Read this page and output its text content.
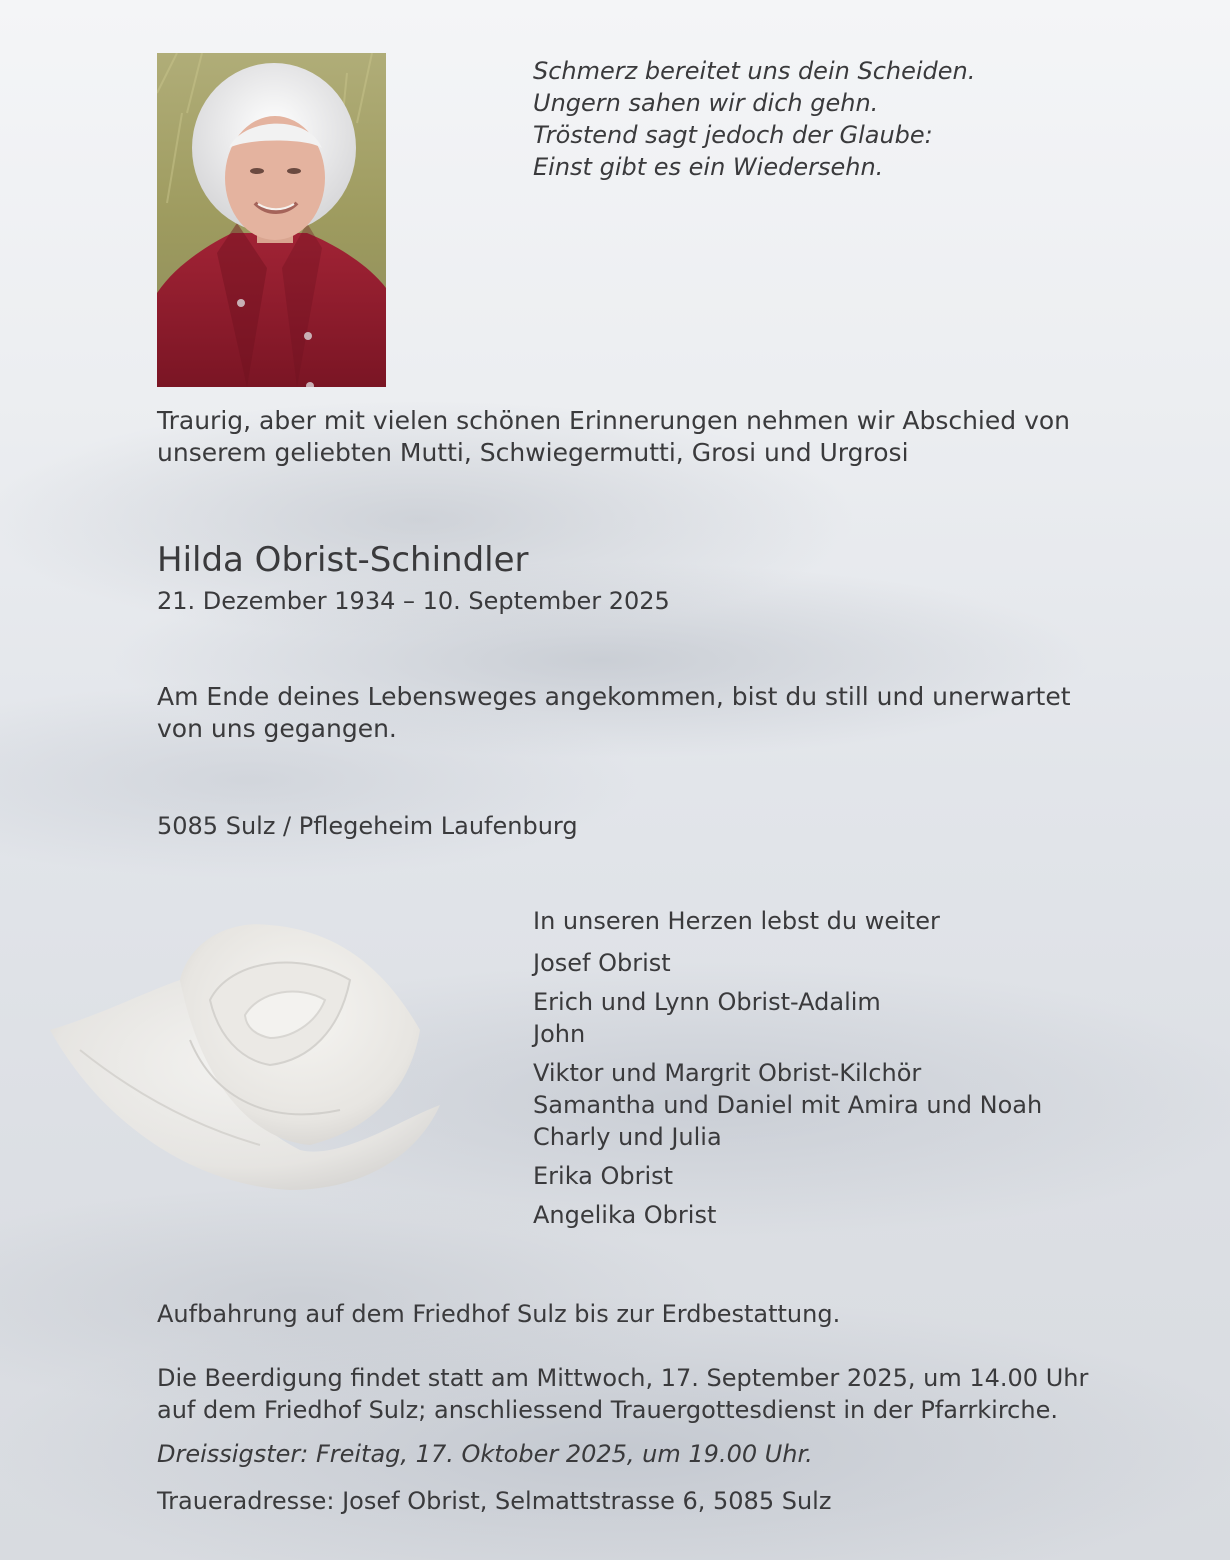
Schmerz bereitet uns dein Scheiden.
Ungern sahen wir dich gehn.
Tröstend sagt jedoch der Glaube:
Einst gibt es ein Wiedersehn.
Traurig, aber mit vielen schönen Erinnerungen nehmen wir Abschied von
unserem geliebten Mutti, Schwiegermutti, Grosi und Urgrosi
Hilda Obrist-Schindler
21. Dezember 1934 – 10. September 2025
Am Ende deines Lebensweges angekommen, bist du still und unerwartet
von uns gegangen.
5085 Sulz / Pflegeheim Laufenburg
In unseren Herzen lebst du weiter
Josef Obrist
Erich und Lynn Obrist-Adalim
John
Viktor und Margrit Obrist-Kilchör
Samantha und Daniel mit Amira und Noah
Charly und Julia
Erika Obrist
Angelika Obrist
Aufbahrung auf dem Friedhof Sulz bis zur Erdbestattung.
Die Beerdigung findet statt am Mittwoch, 17. September 2025, um 14.00 Uhr
auf dem Friedhof Sulz; anschliessend Trauergottesdienst in der Pfarrkirche.
Dreissigster: Freitag, 17. Oktober 2025, um 19.00 Uhr.
Traueradresse: Josef Obrist, Selmattstrasse 6, 5085 Sulz
